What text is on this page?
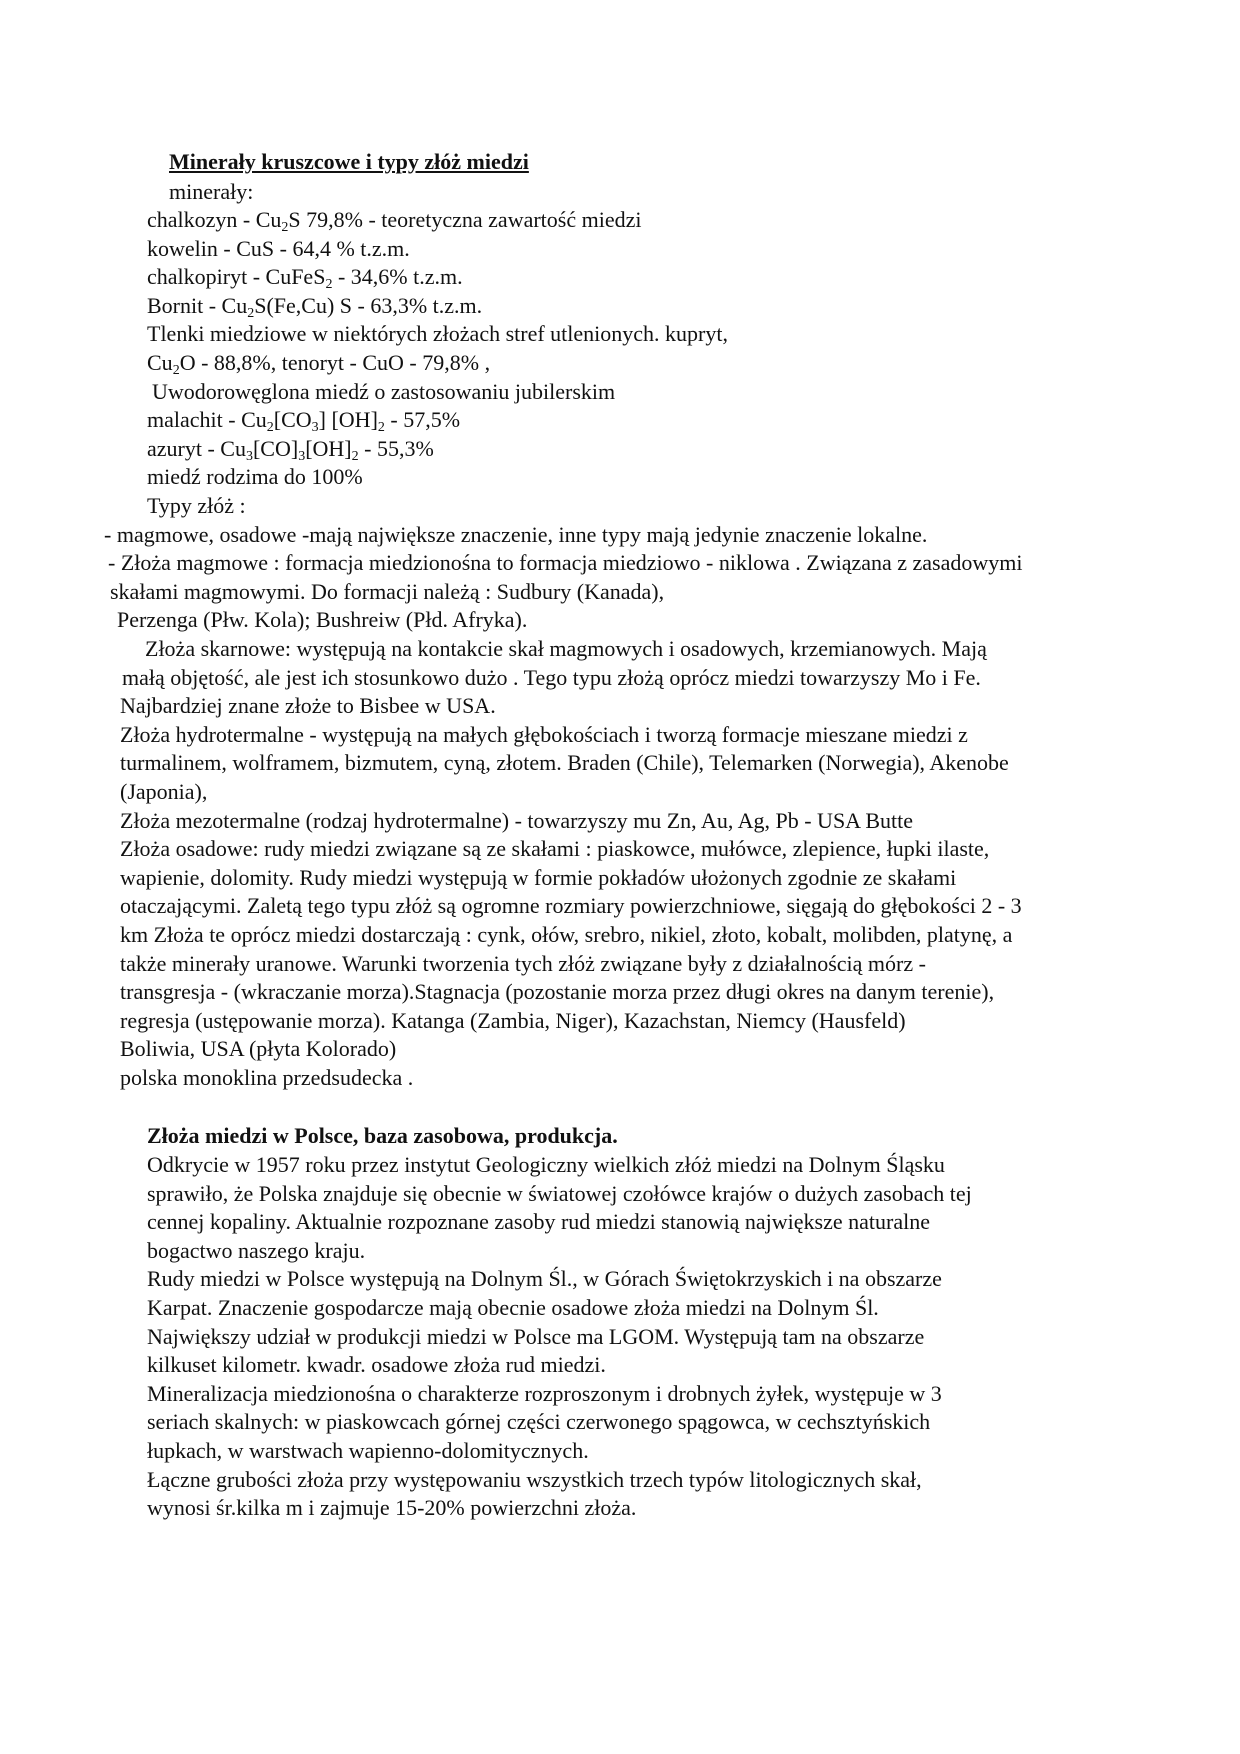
Minerały kruszcowe i typy złóż miedzi
minerały:
chalkozyn - $Cu_2S$ 79,8% - teoretyczna zawartość miedzi
kowelin - CuS - 64,4 % t.z.m.
chalkopiryt - CuFeS$_2$ - 34,6% t.z.m.
Bornit - $Cu_2S(Fe,Cu)$ S - 63,3% t.z.m.
Tlenki miedziowe w niektórych złożach stref utlenionych. kupryt,
$Cu_2O - 88,8\%$, tenoryt - CuO - 79,8% ,
Uwodorowęglona miedź o zastosowaniu jubilerskim
malachit - $Cu_2[CO_3]$ $[OH]_2 - 57,5\%$
azuryt - $Cu_3[CO]_3[OH]_2 - 55,3\%$
miedź rodzima do 100%
Typy złóż :
- magmowe, osadowe -mają największe znaczenie, inne typy mają jedynie znaczenie lokalne.
- Złoża magmowe : formacja miedzionośna to formacja miedziowo - niklowa . Związana z zasadowymi
skałami magmowymi. Do formacji należą : Sudbury (Kanada),
Perzenga (Płw. Kola); Bushreiw (Płd. Afryka).
Złoża skarnowe: występują na kontakcie skał magmowych i osadowych, krzemianowych. Mają
małą objętość, ale jest ich stosunkowo dużo . Tego typu złożą oprócz miedzi towarzyszy Mo i Fe.
Najbardziej znane złoże to Bisbee w USA.
Złoża hydrotermalne - występują na małych głębokościach i tworzą formacje mieszane miedzi z
turmalinem, wolframem, bizmutem, cyną, złotem. Braden (Chile), Telemarken (Norwegia), Akenobe
(Japonia),
Złoża mezotermalne (rodzaj hydrotermalne) - towarzyszy mu Zn, Au, Ag, Pb - USA Butte
Złoża osadowe: rudy miedzi związane są ze skałami : piaskowce, mułówce, zlepience, łupki ilaste,
wapienie, dolomity. Rudy miedzi występują w formie pokładów ułożonych zgodnie ze skałami
otaczającymi. Zaletą tego typu złóż są ogromne rozmiary powierzchniowe, sięgają do głębokości 2 - 3
km Złoża te oprócz miedzi dostarczają : cynk, ołów, srebro, nikiel, złoto, kobalt, molibden, platynę, a
także minerały uranowe. Warunki tworzenia tych złóż związane były z działalnością mórz -
transgresja - (wkraczanie morza).Stagnacja (pozostanie morza przez długi okres na danym terenie),
regresja (ustępowanie morza). Katanga (Zambia, Niger), Kazachstan, Niemcy (Hausfeld)
Boliwia, USA (płyta Kolorado)
polska monoklina przedsudecka .
Złoża miedzi w Polsce, baza zasobowa, produkcja.
Odkrycie w 1957 roku przez instytut Geologiczny wielkich złóż miedzi na Dolnym Śląsku
sprawiło, że Polska znajduje się obecnie w światowej czołówce krajów o dużych zasobach tej
cennej kopaliny. Aktualnie rozpoznane zasoby rud miedzi stanowią największe naturalne
bogactwo naszego kraju.
Rudy miedzi w Polsce występują na Dolnym Śl., w Górach Świętokrzyskich i na obszarze
Karpat. Znaczenie gospodarcze mają obecnie osadowe złoża miedzi na Dolnym Śl.
Największy udział w produkcji miedzi w Polsce ma LGOM. Występują tam na obszarze
kilkuset kilometr. kwadr. osadowe złoża rud miedzi.
Mineralizacja miedzionośna o charakterze rozproszonym i drobnych żyłek, występuje w 3
seriach skalnych: w piaskowcach górnej części czerwonego spągowca, w cechsztyńskich
łupkach, w warstwach wapienno-dolomitycznych.
Łączne grubości złoża przy występowaniu wszystkich trzech typów litologicznych skał,
wynosi śr.kilka m i zajmuje 15-20% powierzchni złoża.
